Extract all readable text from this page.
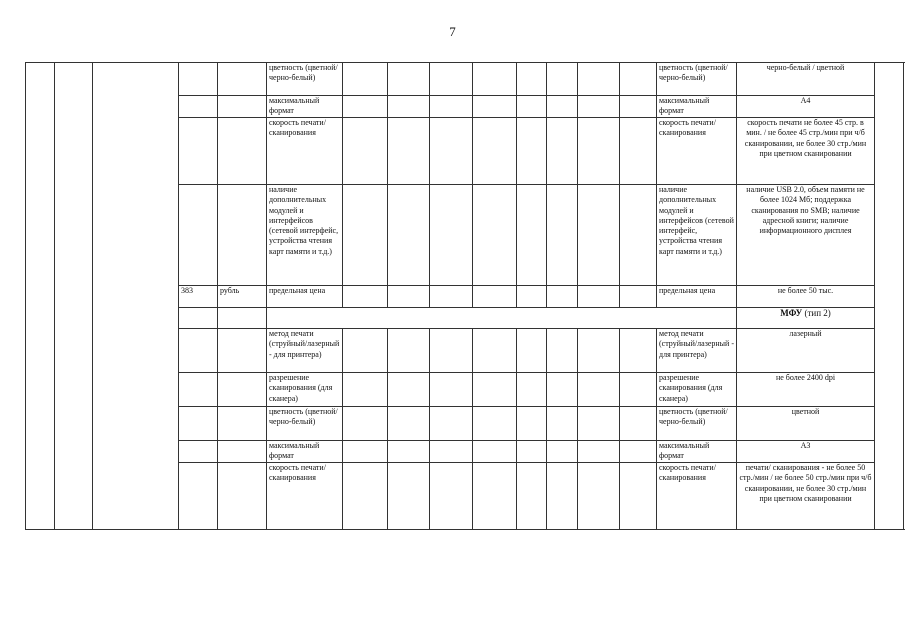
7
					цветность (цветной/черно-белый)									цветность (цветной/черно-белый)	черно-белый / цветной		
					максимальный формат									максимальный формат	А4		
					скорость печати/сканирования									скорость печати/сканирования	скорость печати не более 45 стр. в мин. / не более 45 стр./мин при ч/б сканировании, не более 30 стр./мин при цветном сканировании		
					наличие дополнительных модулей и интерфейсов (сетевой интерфейс, устройства чтения карт памяти и т.д.)									наличие дополнительных модулей и интерфейсов (сетевой интерфейс, устройства чтения карт памяти и т.д.)	наличие USB 2.0, объем памяти не более 1024 Мб; поддержка сканирования по SMB; наличие адресной книги; наличие информационного дисплея		
			383	рубль	предельная цена									предельная цена	не более 50 тыс.		
															МФУ (тип 2)		
					метод печати (струйный/лазерный - для принтера)									метод печати (струйный/лазерный - для принтера)	лазерный		
					разрешение сканирования (для сканера)									разрешение сканирования (для сканера)	не более 2400 dpi		
					цветность (цветной/черно-белый)									цветность (цветной/черно-белый)	цветной		
					максимальный формат									максимальный формат	А3		
					скорость печати/сканирования									скорость печати/сканирования	печати/ сканирования - не более 50 стр./мин / не более 50 стр./мин при ч/б сканировании, не более 30 стр./мин при цветном сканировании		
